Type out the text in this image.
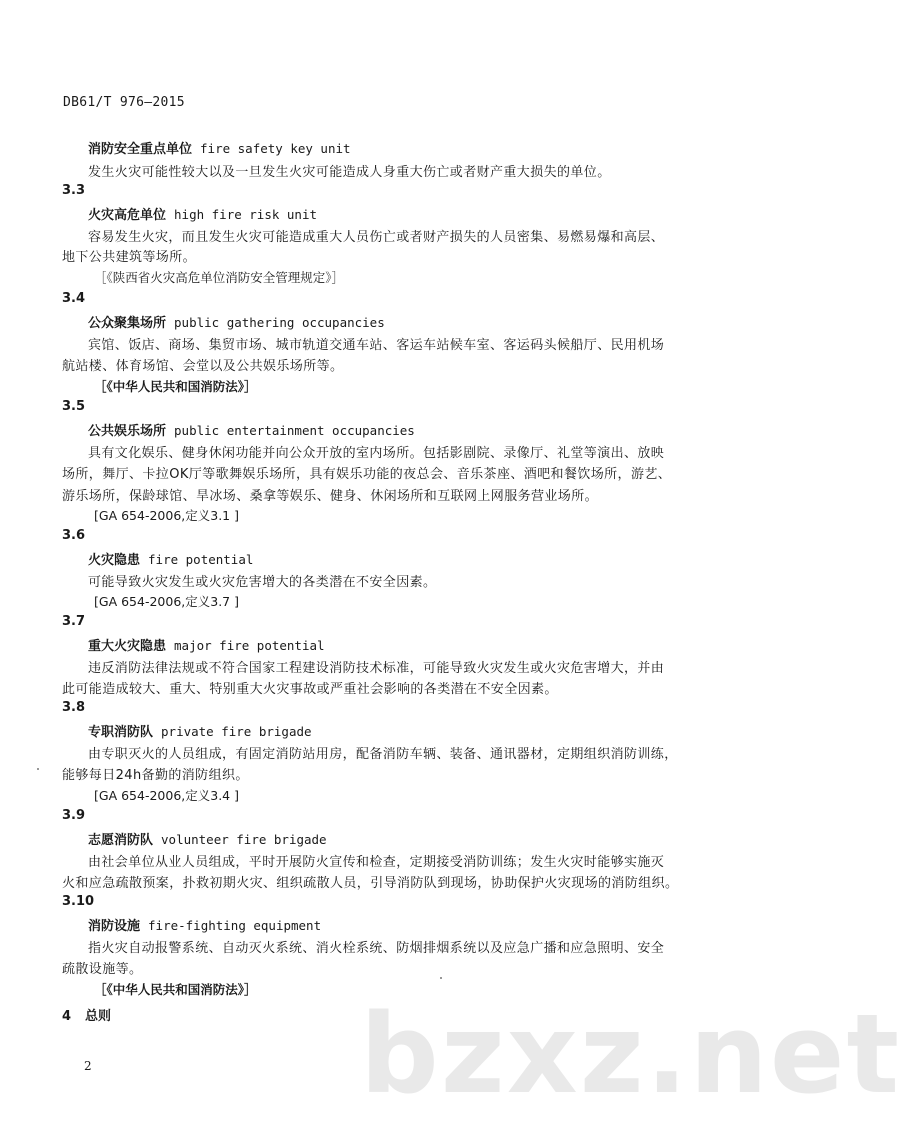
DB61/T 976—2015
消防安全重点单位 fire safety key unit
发生火灾可能性较大以及一旦发生火灾可能造成人身重大伤亡或者财产重大损失的单位。
3.3
火灾高危单位 high fire risk unit
容易发生火灾，而且发生火灾可能造成重大人员伤亡或者财产损失的人员密集、易燃易爆和高层、
地下公共建筑等场所。
［《陕西省火灾高危单位消防安全管理规定》］
3.4
公众聚集场所 public gathering occupancies
宾馆、饭店、商场、集贸市场、城市轨道交通车站、客运车站候车室、客运码头候船厅、民用机场
航站楼、体育场馆、会堂以及公共娱乐场所等。
［《中华人民共和国消防法》］
3.5
公共娱乐场所 public entertainment occupancies
具有文化娱乐、健身休闲功能并向公众开放的室内场所。包括影剧院、录像厅、礼堂等演出、放映
场所，舞厅、卡拉OK厅等歌舞娱乐场所，具有娱乐功能的夜总会、音乐茶座、酒吧和餐饮场所，游艺、
游乐场所，保龄球馆、旱冰场、桑拿等娱乐、健身、休闲场所和互联网上网服务营业场所。
[GA 654-2006,定义3.1 ]
3.6
火灾隐患 fire potential
可能导致火灾发生或火灾危害增大的各类潜在不安全因素。
[GA 654-2006,定义3.7 ]
3.7
重大火灾隐患 major fire potential
违反消防法律法规或不符合国家工程建设消防技术标准，可能导致火灾发生或火灾危害增大，并由
此可能造成较大、重大、特别重大火灾事故或严重社会影响的各类潜在不安全因素。
3.8
专职消防队 private fire brigade
由专职灭火的人员组成，有固定消防站用房，配备消防车辆、装备、通讯器材，定期组织消防训练，
能够每日24h备勤的消防组织。
[GA 654-2006,定义3.4 ]
3.9
志愿消防队 volunteer fire brigade
由社会单位从业人员组成，平时开展防火宣传和检查，定期接受消防训练；发生火灾时能够实施灭
火和应急疏散预案，扑救初期火灾、组织疏散人员，引导消防队到现场，协助保护火灾现场的消防组织。
3.10
消防设施 fire-fighting equipment
指火灾自动报警系统、自动灭火系统、消火栓系统、防烟排烟系统以及应急广播和应急照明、安全
疏散设施等。
［《中华人民共和国消防法》］
4 总则 bzxz.net
2
